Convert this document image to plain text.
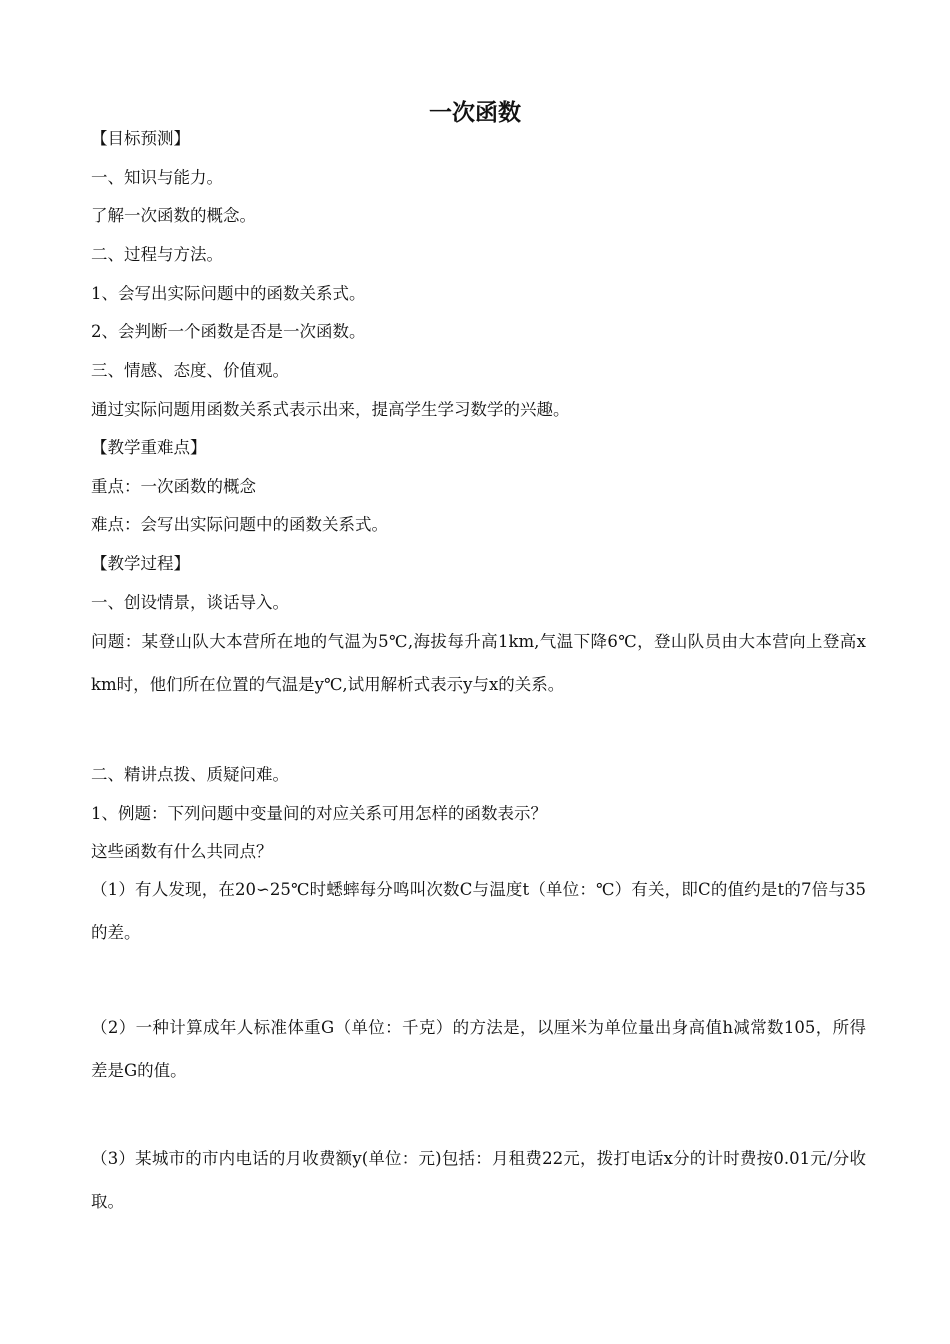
一次函数
【目标预测】
一、知识与能力。
了解一次函数的概念。
二、过程与方法。
1、会写出实际问题中的函数关系式。
2、会判断一个函数是否是一次函数。
三、情感、态度、价值观。
通过实际问题用函数关系式表示出来，提高学生学习数学的兴趣。
【教学重难点】
重点：一次函数的概念
难点：会写出实际问题中的函数关系式。
【教学过程】
一、创设情景，谈话导入。
问题：某登山队大本营所在地的气温为5℃,海拔每升高1km,气温下降6℃，登山队员由大本营向上登高x km时，他们所在位置的气温是y℃,试用解析式表示y与x的关系。
二、精讲点拨、质疑问难。
1、例题：下列问题中变量间的对应关系可用怎样的函数表示？
这些函数有什么共同点？
（1）有人发现，在20∽25℃时蟋蟀每分鸣叫次数C与温度t（单位：℃）有关，即C的值约是t的7倍与35的差。
（2）一种计算成年人标准体重G（单位：千克）的方法是，以厘米为单位量出身高值h减常数105，所得差是G的值。
（3）某城市的市内电话的月收费额y(单位：元)包括：月租费22元，拨打电话x分的计时费按0.01元/分收取。
